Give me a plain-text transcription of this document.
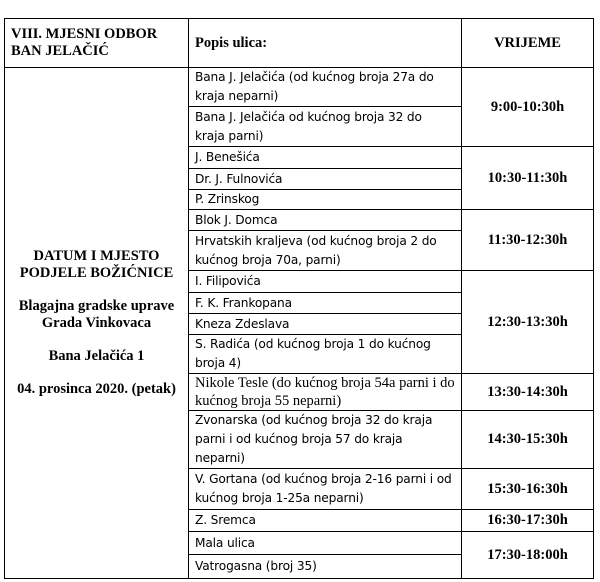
VIII. MJESNI ODBOR BAN JELAČIĆ	Popis ulica:	VRIJEME

DATUM I MJESTO PODJELE BOŽIĆNICE

Blagajna gradske uprave Grada Vinkovaca

Bana Jelačića 1

04. prosinca 2020. (petak)	Bana J. Jelačića (od kućnog broja 27a do kraja neparni)	9:00-10:30h
	Bana J. Jelačića od kućnog broja 32 do kraja parni)	
	J. Benešića	10:30-11:30h
	Dr. J. Fulnovića	
	P. Zrinskog	
	Blok J. Domca	11:30-12:30h
	Hrvatskih kraljeva (od kućnog broja 2 do kućnog broja 70a, parni)	
	I. Filipovića	12:30-13:30h
	F. K. Frankopana	
	Kneza Zdeslava	
	S. Radića (od kućnog broja 1 do kućnog broja 4)	
	Nikole Tesle (do kućnog broja 54a parni i do kućnog broja 55 neparni)	13:30-14:30h
	Zvonarska (od kućnog broja 32 do kraja parni i od kućnog broja 57 do kraja neparni)	14:30-15:30h
	V. Gortana (od kućnog broja 2-16 parni i od kućnog broja 1-25a neparni)	15:30-16:30h
	Z. Sremca	16:30-17:30h
	Mala ulica	17:30-18:00h
	Vatrogasna (broj 35)	
